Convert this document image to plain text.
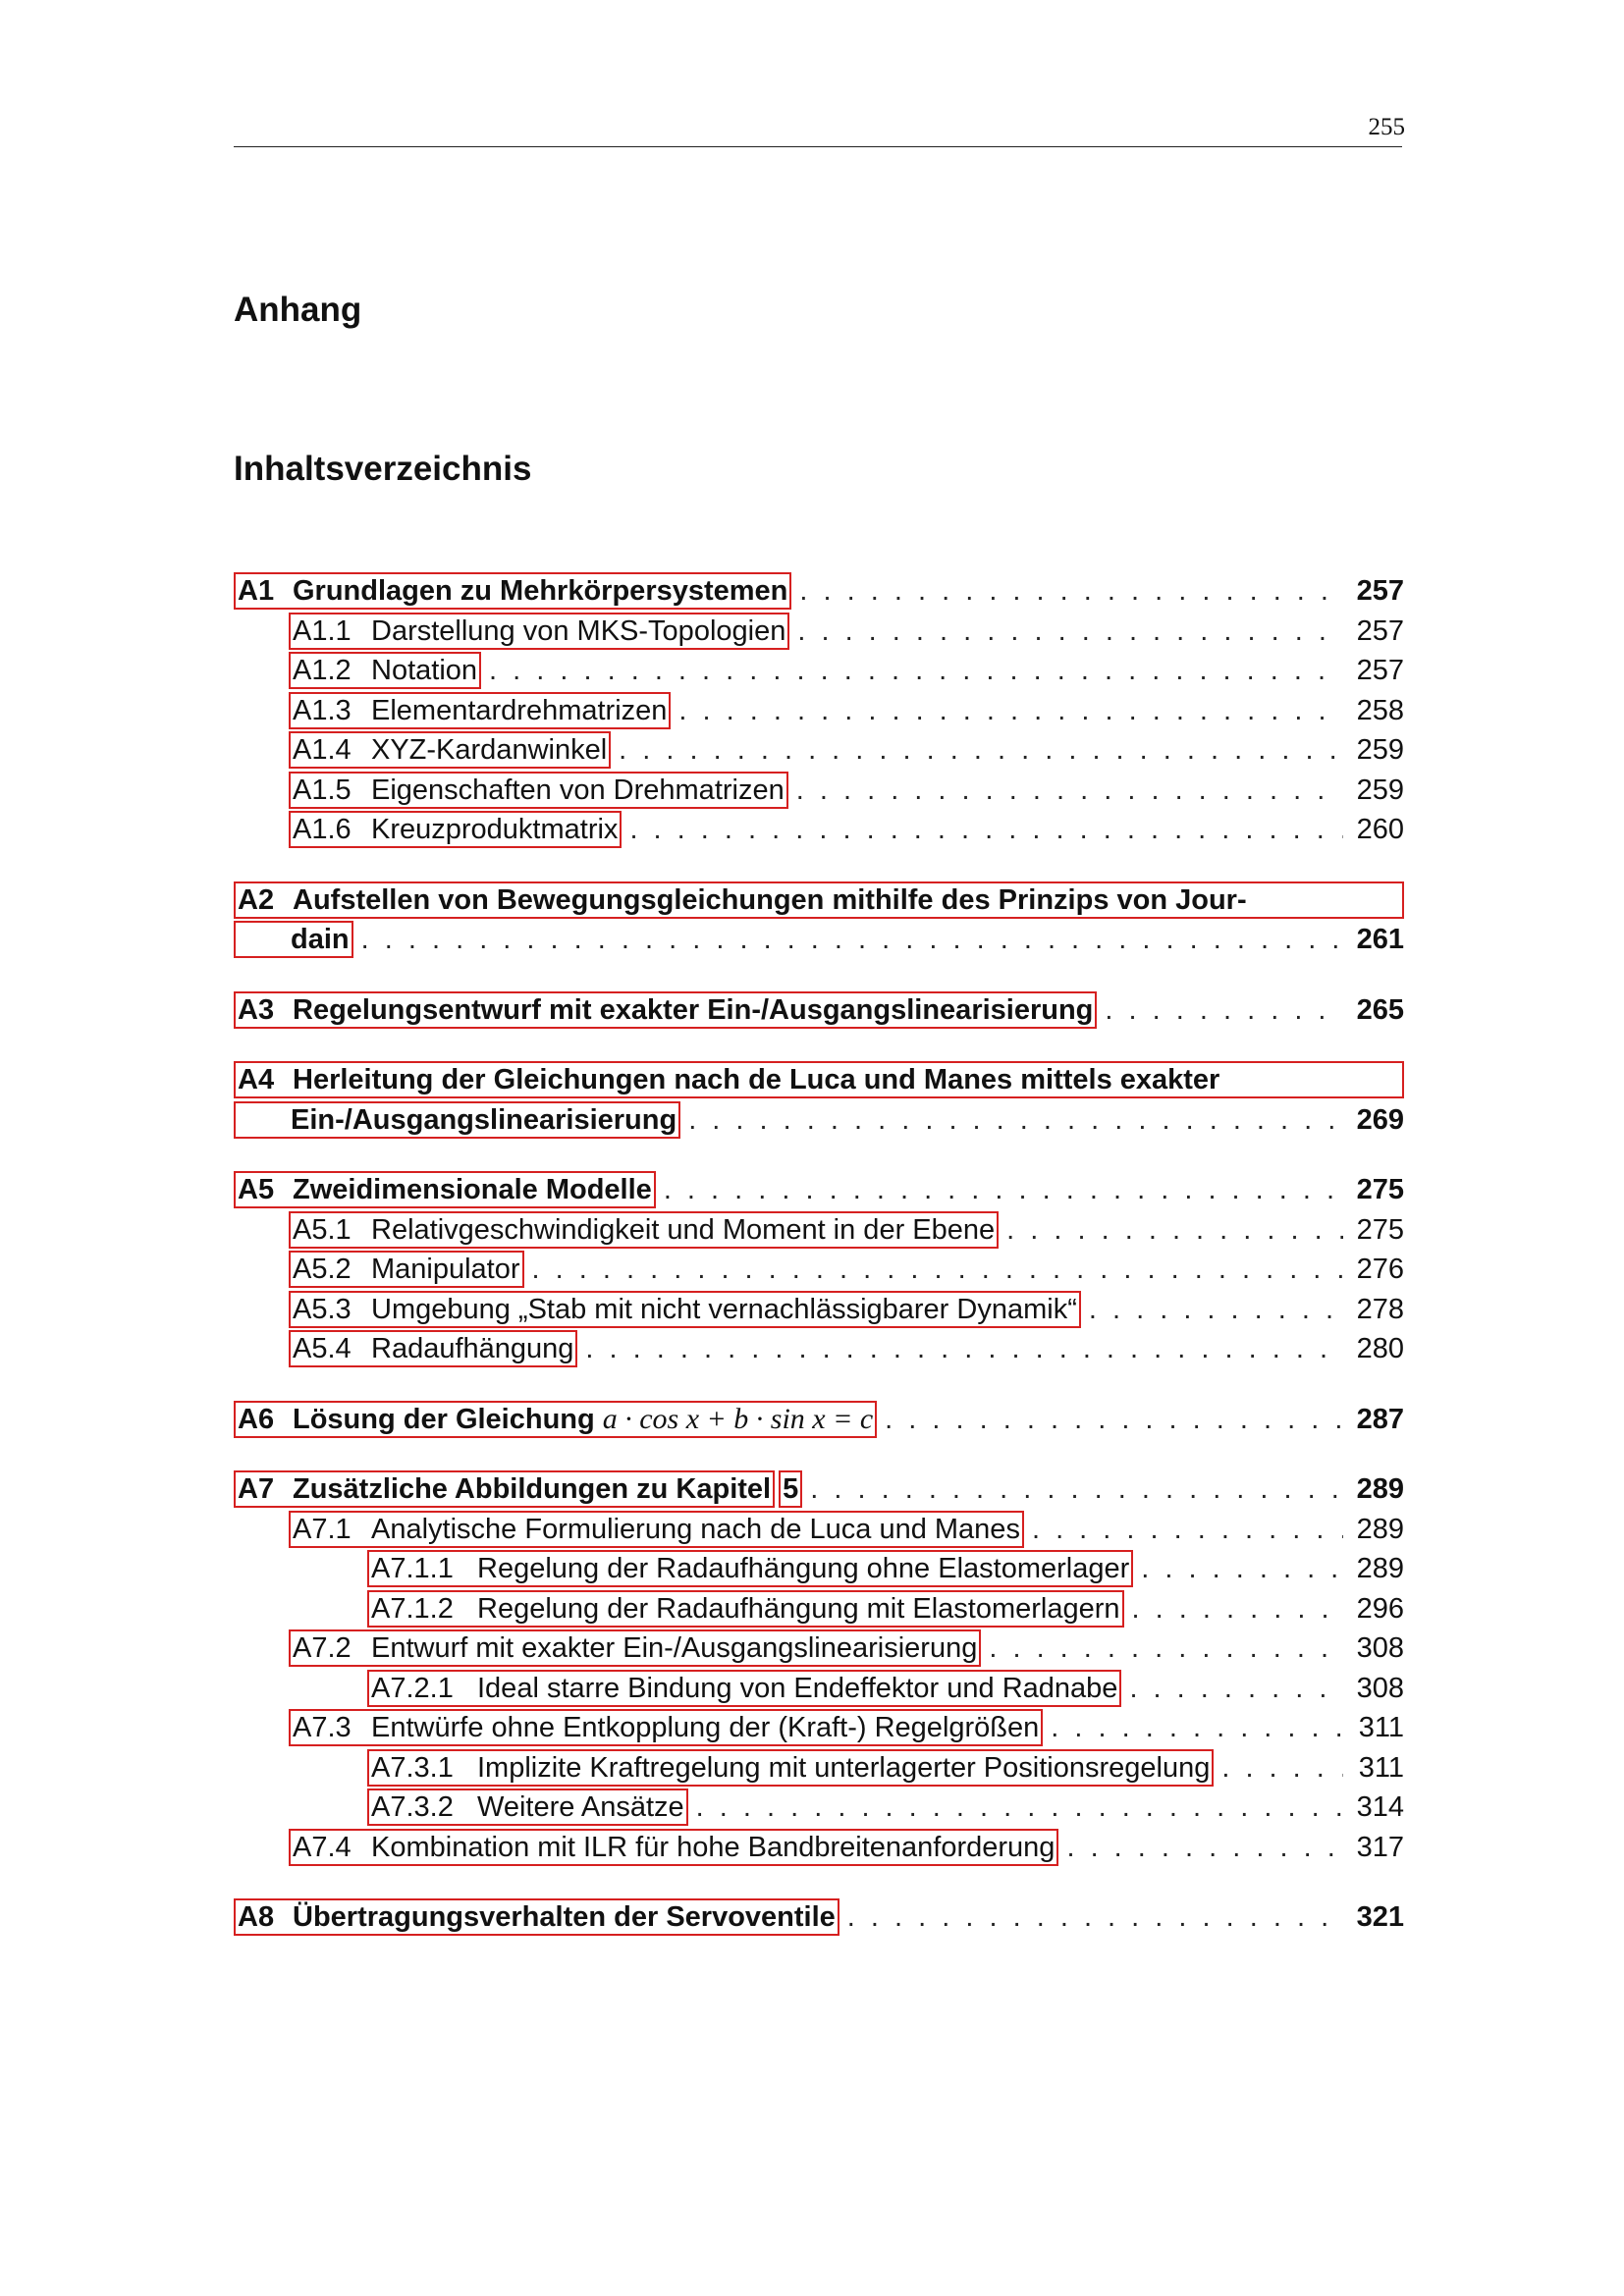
255
Anhang
Inhaltsverzeichnis
A1 Grundlagen zu Mehrkörpersystemen . . .	257
A1.1 Darstellung von MKS-Topologien . . .	257
A1.2 Notation . . .	257
A1.3 Elementardrehmatrizen . . .	258
A1.4 XYZ-Kardanwinkel . . .	259
A1.5 Eigenschaften von Drehmatrizen . . .	259
A1.6 Kreuzproduktmatrix . . .	260
A2 Aufstellen von Bewegungsgleichungen mithilfe des Prinzips von Jour-
dain . . .	261
A3 Regelungsentwurf mit exakter Ein-/Ausgangslinearisierung . . .	265
A4 Herleitung der Gleichungen nach de Luca und Manes mittels exakter
Ein-/Ausgangslinearisierung . . .	269
A5 Zweidimensionale Modelle . . .	275
A5.1 Relativgeschwindigkeit und Moment in der Ebene . . .	275
A5.2 Manipulator . . .	276
A5.3 Umgebung „Stab mit nicht vernachlässigbarer Dynamik“ . . .	278
A5.4 Radaufhängung . . .	280
A6 Lösung der Gleichung a · cos x + b · sin x = c . . .	287
A7 Zusätzliche Abbildungen zu Kapitel 5 . . .	289
A7.1 Analytische Formulierung nach de Luca und Manes . . .	289
A7.1.1 Regelung der Radaufhängung ohne Elastomerlager . . .	289
A7.1.2 Regelung der Radaufhängung mit Elastomerlagern . . .	296
A7.2 Entwurf mit exakter Ein-/Ausgangslinearisierung . . .	308
A7.2.1 Ideal starre Bindung von Endeffektor und Radnabe . . .	308
A7.3 Entwürfe ohne Entkopplung der (Kraft-) Regelgrößen . . .	311
A7.3.1 Implizite Kraftregelung mit unterlagerter Positionsregelung . . .	311
A7.3.2 Weitere Ansätze . . .	314
A7.4 Kombination mit ILR für hohe Bandbreitenanforderung . . .	317
A8 Übertragungsverhalten der Servoventile . . .	321
